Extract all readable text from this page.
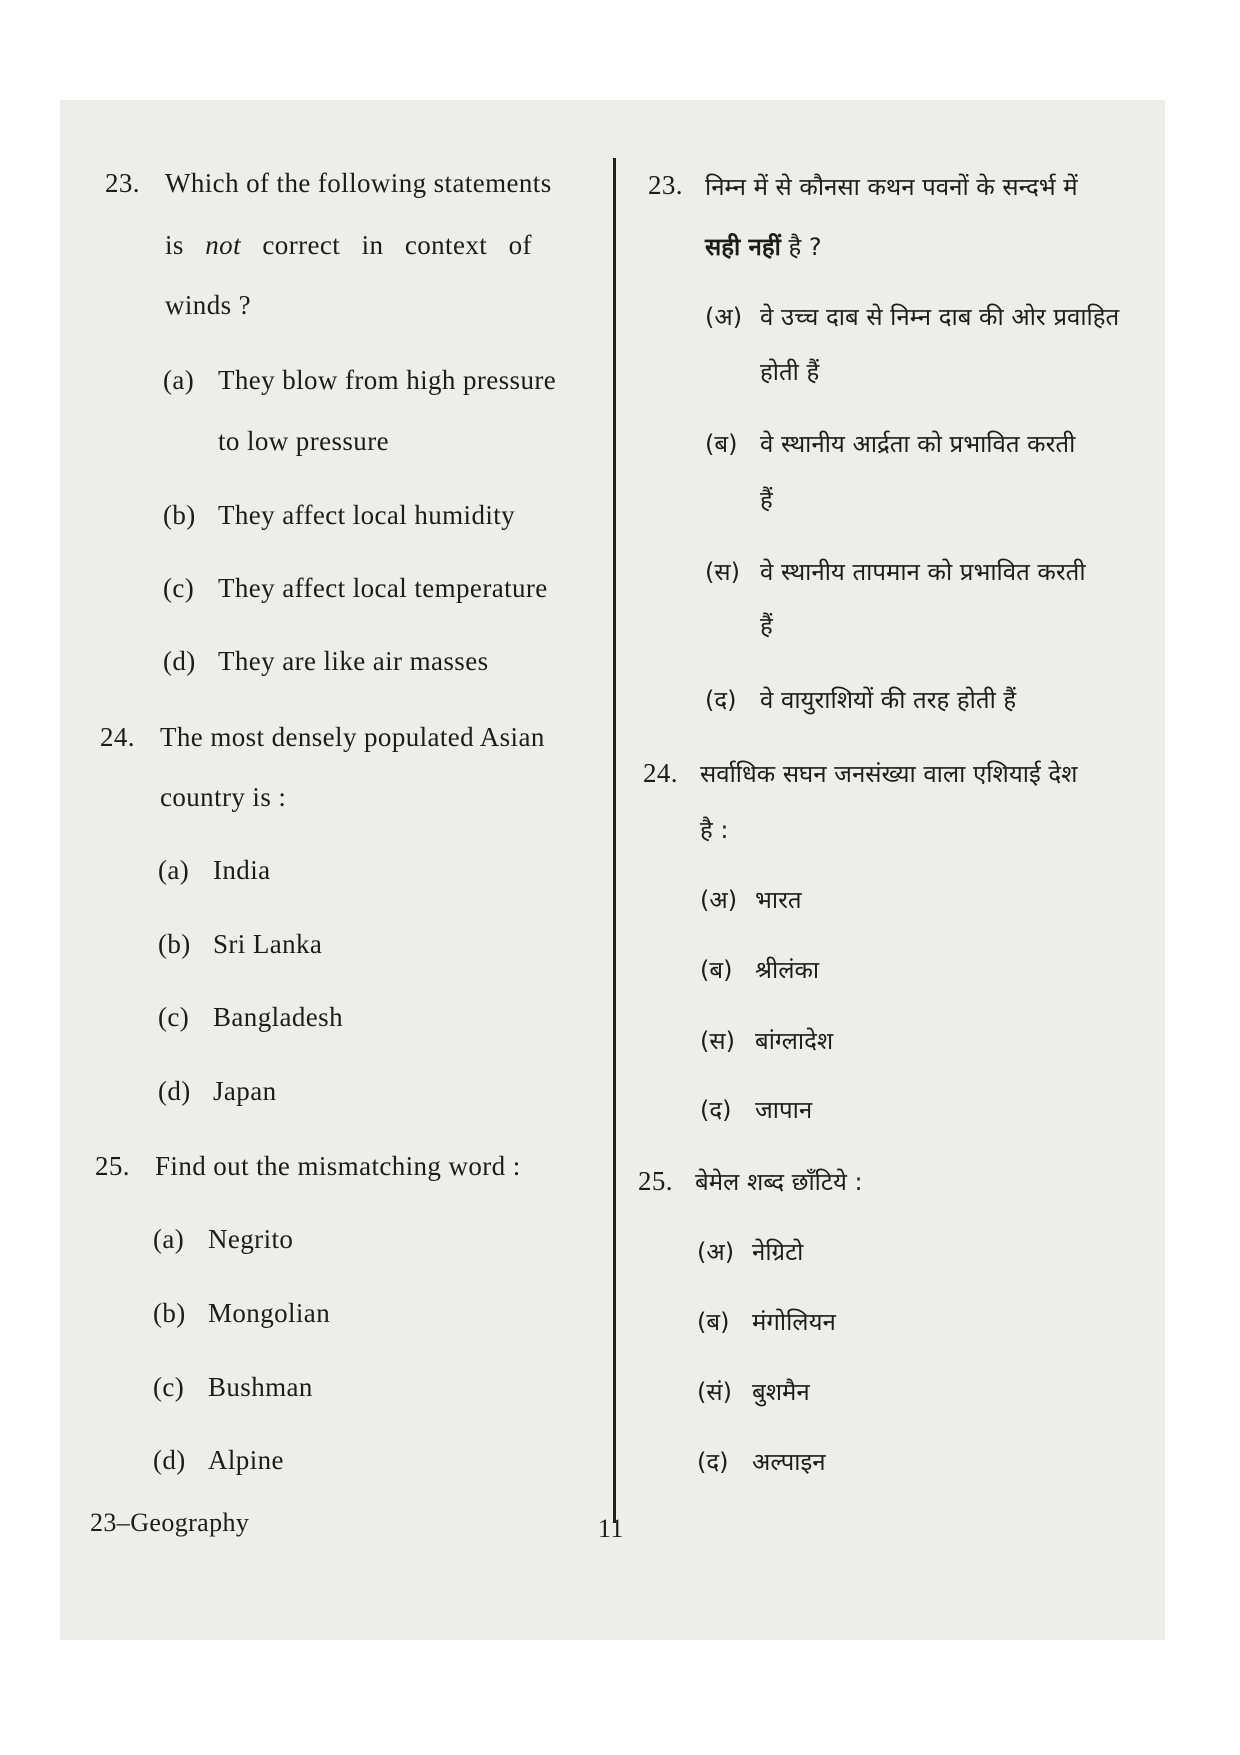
23. Which of the following statements
is not correct   in   context   of
winds ?
(a) They blow from high pressure
to low pressure
(b) They affect local humidity
(c) They affect local temperature
(d) They are like air masses
24. The most densely populated Asian
country is :
(a) India
(b) Sri Lanka
(c) Bangladesh
(d) Japan
25. Find out the mismatching word :
(a) Negrito
(b) Mongolian
(c) Bushman
(d) Alpine
23. निम्न में से कौनसा कथन पवनों के सन्दर्भ में
सही नहीं है ?
(अ) वे उच्च दाब से निम्न दाब की ओर प्रवाहित
होती हैं
(ब) वे स्थानीय आर्द्रता को प्रभावित करती
हैं
(स) वे स्थानीय तापमान को प्रभावित करती
हैं
(द) वे वायुराशियों की तरह होती हैं
24. सर्वाधिक सघन जनसंख्या वाला एशियाई देश
है :
(अ) भारत
(ब) श्रीलंका
(स) बांग्लादेश
(द) जापान
25. बेमेल शब्द छाँटिये :
(अ) नेग्रिटो
(ब) मंगोलियन
(सं) बुशमैन
(द) अल्पाइन
23–Geography	11
